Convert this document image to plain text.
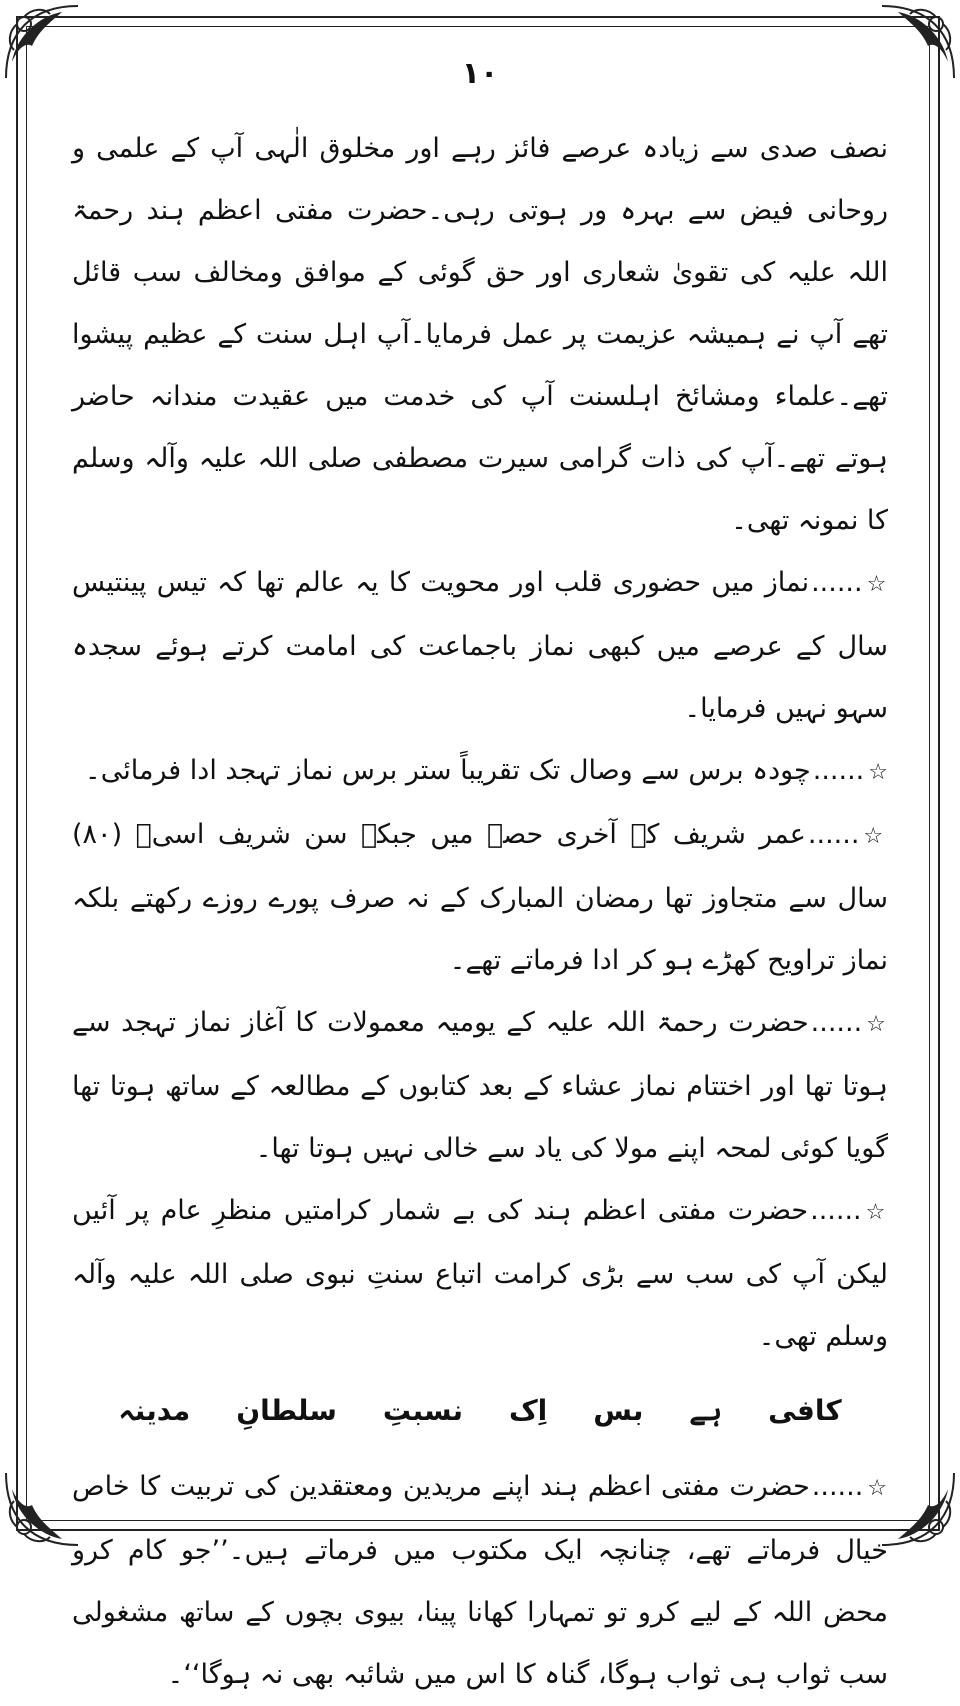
۱۰

نصف صدی سے زیادہ عرصے فائز رہے اور مخلوق الٰہی آپ کے علمی و روحانی فیض سے بہرہ ور ہوتی رہی۔حضرت مفتی اعظم ہند رحمۃ اللہ علیہ کی تقویٰ شعاری اور حق گوئی کے موافق ومخالف سب قائل تھے آپ نے ہمیشہ عزیمت پر عمل فرمایا۔آپ اہل سنت کے عظیم پیشوا تھے۔علماء ومشائخ اہلسنت آپ کی خدمت میں عقیدت مندانہ حاضر ہوتے تھے۔آپ کی ذات گرامی سیرت مصطفی صلی اللہ علیہ وآلہ وسلم کا نمونہ تھی۔

☆......نماز میں حضوری قلب اور محویت کا یہ عالم تھا کہ تیس پینتیس سال کے عرصے میں کبھی نماز باجماعت کی امامت کرتے ہوئے سجدہ سہو نہیں فرمایا۔

☆......چودہ برس سے وصال تک تقریباً ستر برس نماز تہجد ادا فرمائی۔

☆......عمر شریف کے آخری حصہ میں جبکہ سن شریف اسیؔ (۸۰) سال سے متجاوز تھا رمضان المبارک کے نہ صرف پورے روزے رکھتے بلکہ نماز تراویح کھڑے ہو کر ادا فرماتے تھے۔

☆......حضرت رحمۃ اللہ علیہ کے یومیہ معمولات کا آغاز نماز تہجد سے ہوتا تھا اور اختتام نماز عشاء کے بعد کتابوں کے مطالعہ کے ساتھ ہوتا تھا گویا کوئی لمحہ اپنے مولا کی یاد سے خالی نہیں ہوتا تھا۔

☆......حضرت مفتی اعظم ہند کی بے شمار کرامتیں منظرِ عام پر آئیں لیکن آپ کی سب سے بڑی کرامت اتباع سنتِ نبوی صلی اللہ علیہ وآلہ وسلم تھی۔

کافی
ہے
بس
اِک
نسبتِ
سلطانِ
مدینہ

☆......حضرت مفتی اعظم ہند اپنے مریدین ومعتقدین کی تربیت کا خاص خیال فرماتے تھے، چنانچہ ایک مکتوب میں فرماتے ہیں۔’’جو کام کرو محض اللہ کے لیے کرو تو تمہارا کھانا پینا، بیوی بچوں کے ساتھ مشغولی سب ثواب ہی ثواب ہوگا، گناہ کا اس میں شائبہ بھی نہ ہوگا‘‘۔
